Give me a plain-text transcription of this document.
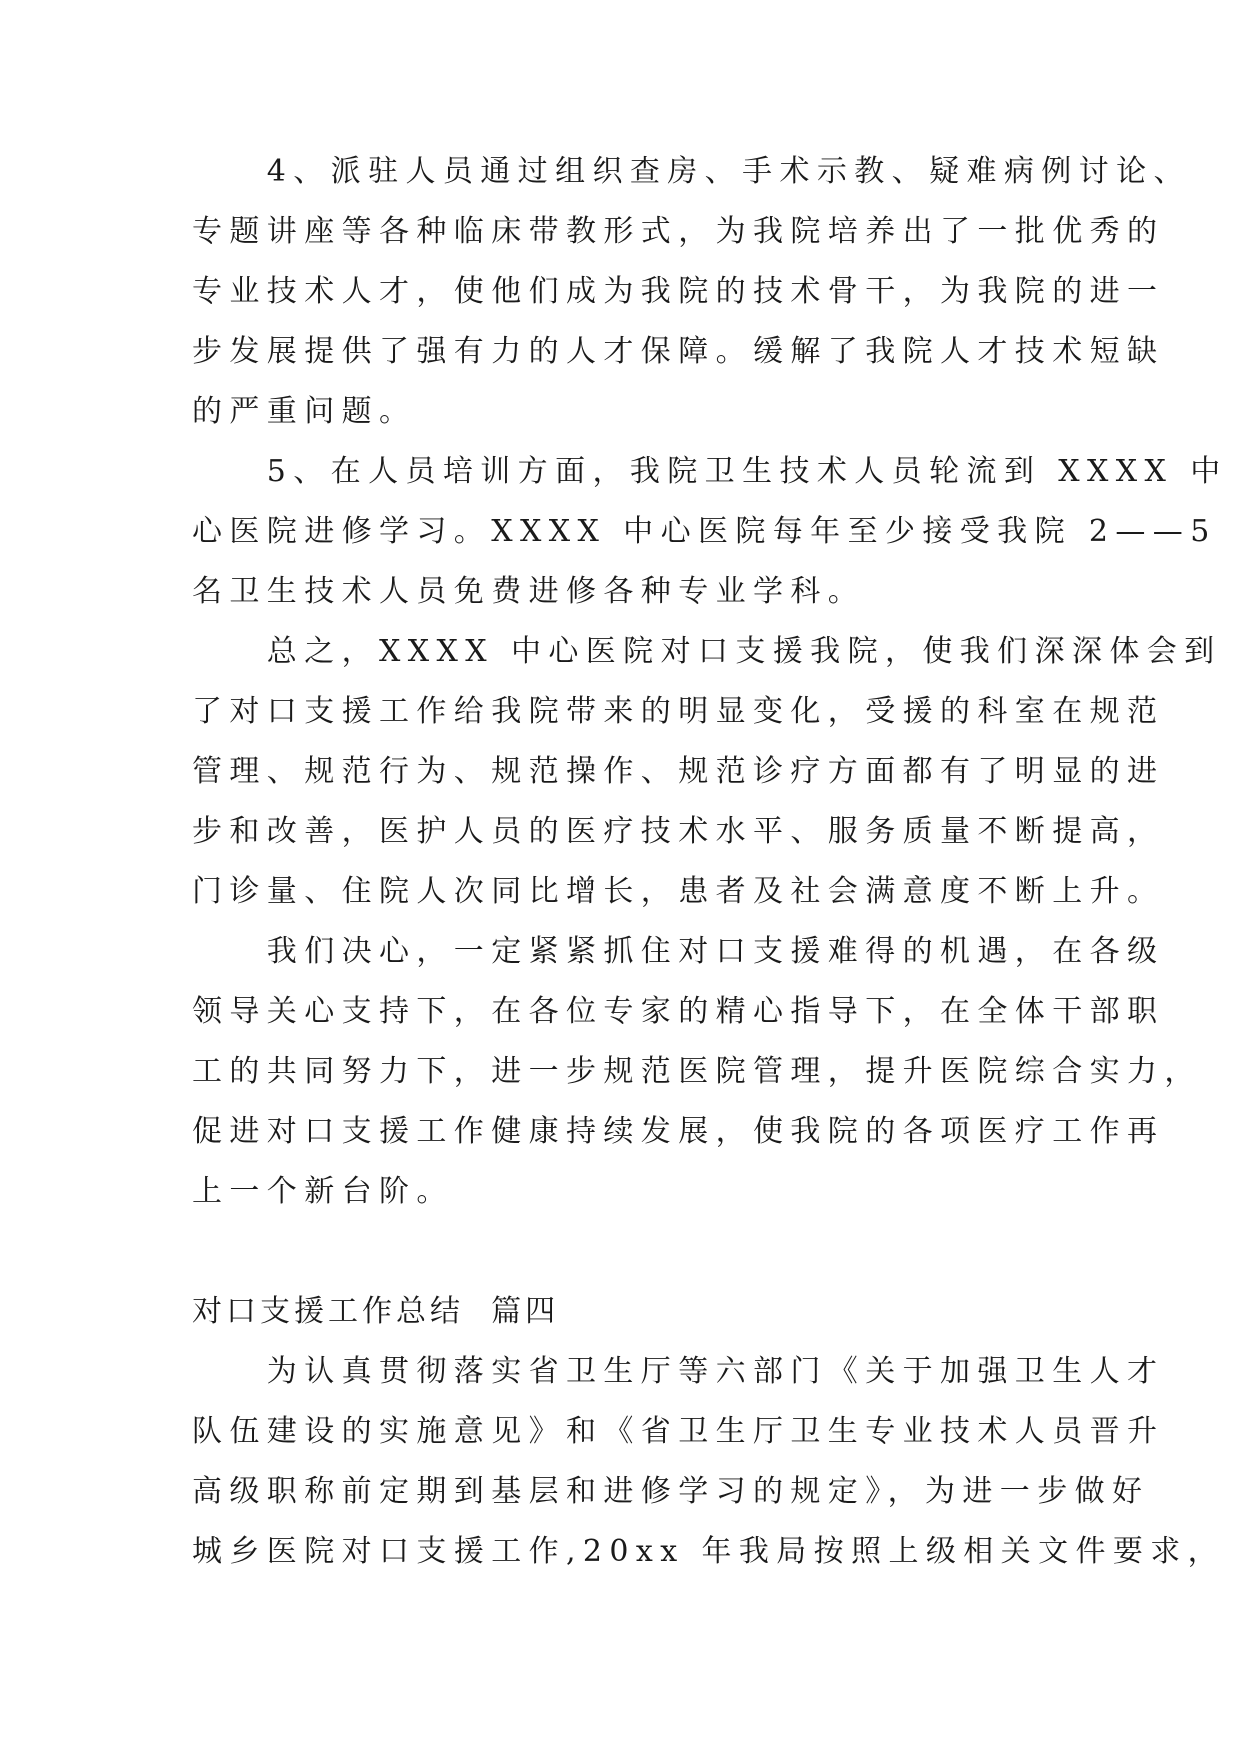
　　4、派驻人员通过组织查房、手术示教、疑难病例讨论、
专题讲座等各种临床带教形式，为我院培养出了一批优秀的
专业技术人才，使他们成为我院的技术骨干，为我院的进一
步发展提供了强有力的人才保障。缓解了我院人才技术短缺
的严重问题。
　　5、在人员培训方面，我院卫生技术人员轮流到 XXXX 中
心医院进修学习。XXXX 中心医院每年至少接受我院 2——5
名卫生技术人员免费进修各种专业学科。
　　总之，XXXX 中心医院对口支援我院，使我们深深体会到
了对口支援工作给我院带来的明显变化，受援的科室在规范
管理、规范行为、规范操作、规范诊疗方面都有了明显的进
步和改善，医护人员的医疗技术水平、服务质量不断提高，
门诊量、住院人次同比增长，患者及社会满意度不断上升。
　　我们决心，一定紧紧抓住对口支援难得的机遇，在各级
领导关心支持下，在各位专家的精心指导下，在全体干部职
工的共同努力下，进一步规范医院管理，提升医院综合实力，
促进对口支援工作健康持续发展，使我院的各项医疗工作再
上一个新台阶。
对口支援工作总结  篇四
　　为认真贯彻落实省卫生厅等六部门《关于加强卫生人才
队伍建设的实施意见》和《省卫生厅卫生专业技术人员晋升
高级职称前定期到基层和进修学习的规定》，为进一步做好
城乡医院对口支援工作,20xx 年我局按照上级相关文件要求，
